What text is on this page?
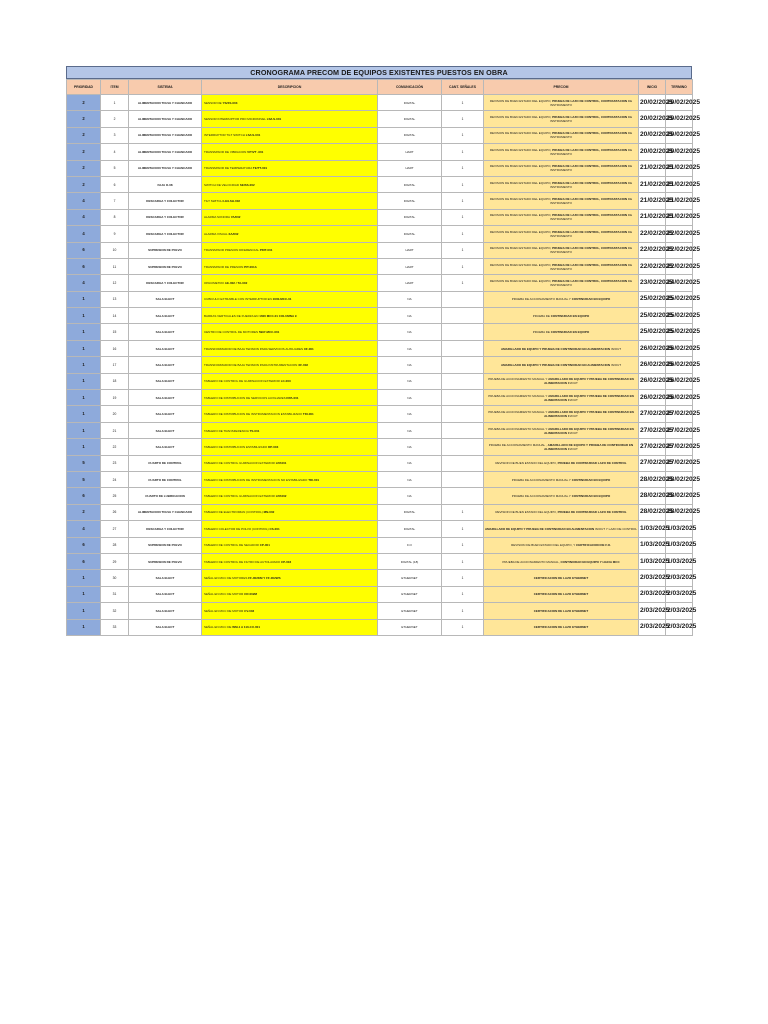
CRONOGRAMA PRECOM DE EQUIPOS EXISTENTES PUESTOS EN OBRA
PRIORIDAD	ITEM	SISTEMA	DESCRIPCION	COMUNICACIÓN	CANT. SEÑALES	PRECOM	INICIO	TERMINO
2	1	ALIMENTACION TOLVA Y CHANCADO	SENSOR DE YS/XS-003	DIGITAL	1	REVISION DE BUEN ESTADO DEL EQUIPO, PRUEBA DE LAZO DE CONTROL, CONTRASTACION DE INSTRUMENTO	20/02/2025	20/02/2025
2	2	ALIMENTACION TOLVA Y CHANCADO	SENSOR INTERRUPTOR PRO MICRONIVEL LS/LS-001	DIGITAL	1	REVISION DE BUEN ESTADO DEL EQUIPO, PRUEBA DE LAZO DE CONTROL, CONTRASTACION DE INSTRUMENTO	20/02/2025	20/02/2025
2	3	ALIMENTACION TOLVA Y CHANCADO	INTERRUPTOR TILT SWITCH LS/LS-001	DIGITAL	1	REVISION DE BUEN ESTADO DEL EQUIPO, PRUEBA DE LAZO DE CONTROL, CONTRASTACION DE INSTRUMENTO	20/02/2025	20/02/2025
2	4	ALIMENTACION TOLVA Y CHANCADO	TRANSMISOR DE VIBRACION VIT/VT -001	HART	1	REVISION DE BUEN ESTADO DEL EQUIPO, PRUEBA DE LAZO DE CONTROL, CONTRASTACION DE INSTRUMENTO	20/02/2025	20/02/2025
2	5	ALIMENTACION TOLVA Y CHANCADO	TRANSMISOR DE TEMPERATURA TE/TT-001	HART	1	REVISION DE BUEN ESTADO DEL EQUIPO, PRUEBA DE LAZO DE CONTROL, CONTRASTACION DE INSTRUMENTO	21/02/2025	21/02/2025
2	6	FAJA O-08	SWITCH DE VELOCIDAD SE/SS-002	DIGITAL	1	REVISION DE BUEN ESTADO DEL EQUIPO, PRUEBA DE LAZO DE CONTROL, CONTRASTACION DE INSTRUMENTO	21/02/2025	21/02/2025
4	7	DESCARGA Y COLECTOR	TILT SWITCH LE/LSH-002	DIGITAL	1	REVISION DE BUEN ESTADO DEL EQUIPO, PRUEBA DE LAZO DE CONTROL, CONTRASTACION DE INSTRUMENTO	21/02/2025	21/02/2025
4	8	DESCARGA Y COLECTOR	ALARMA SONORA YA/002	DIGITAL	1	REVISION DE BUEN ESTADO DEL EQUIPO, PRUEBA DE LAZO DE CONTROL, CONTRASTACION DE INSTRUMENTO	21/02/2025	21/02/2025
4	9	DESCARGA Y COLECTOR	ALARMA VISUAL XA/002	DIGITAL	1	REVISION DE BUEN ESTADO DEL EQUIPO, PRUEBA DE LAZO DE CONTROL, CONTRASTACION DE INSTRUMENTO	22/02/2025	22/02/2025
6	10	SUPRESION DE POLVO	TRANSMISOR PRESION DIFERENCIAL PDIT-001	HART	1	REVISION DE BUEN ESTADO DEL EQUIPO, PRUEBA DE LAZO DE CONTROL, CONTRASTACION DE INSTRUMENTO	22/02/2025	22/02/2025
6	11	SUPRESION DE POLVO	TRANSMISOR DE PRESION PIT-001A	HART	1	REVISION DE BUEN ESTADO DEL EQUIPO, PRUEBA DE LAZO DE CONTROL, CONTRASTACION DE INSTRUMENTO	22/02/2025	22/02/2025
4	12	DESCARGA Y COLECTOR	OPACIMETRO AE-002 / TA-002	HART	1	REVISION DE BUEN ESTADO DEL EQUIPO, PRUEBA DE LAZO DE CONTROL, CONTRASTACION DE INSTRUMENTO	23/02/2025	24/02/2025
1	13	SALA ELECT	CUBICULO EXTRAIBLE CON INTERRUPTOR EN 1600-MCC-01	NA		PRUEBA DE ACCIONAMIENTO MANUAL Y CONTINUIDAD EN EQUIPO	25/02/2025	25/02/2025
1	14	SALA ELECT	BARRAS VERTICALES DE FUERZA EN 1600 MCC-01 COLUMNA 9	NA		PRUEBA DE CONTINUIDAD EN EQUIPO	25/02/2025	25/02/2025
1	15	SALA ELECT	CENTRO DE CONTROL DE MOTORES 5997-MCC-001	NA		PRUEBA DE CONTINUIDAD EN EQUIPO	25/02/2025	25/02/2025
1	16	SALA ELECT	TRANSFORMADOR DE BAJA TENSION PARA SERVICIOS AUXILIARES XF-001	NA		AMARILLADO DE EQUIPO Y PRUEBA DE CONTINUIDAD EN ALIMENTACION IN/OUT	26/02/2025	26/02/2025
1	17	SALA ELECT	TRANSFORMADOR DE BAJA TENSION PARA INSTRUMENTACION XF-002	NA		AMARILLADO DE EQUIPO Y PRUEBA DE CONTINUIDAD EN ALIMENTACION IN/OUT	26/02/2025	26/02/2025
1	18	SALA ELECT	TABLERO DE CONTROL DE ILUMINACION EXTERIOR LC-003	NA		PRUEBA DE ACCIONAMIENTO MANUAL Y AMARILLADO DE EQUIPO Y PRUEBA DE CONTINUIDAD EN ALIMENTACION IN/OUT	26/02/2025	26/02/2025
1	19	SALA ELECT	TABLERO DE DISTRIBUCION DE SERVICIOS AUXILIARES DPA-001	NA		PRUEBA DE ACCIONAMIENTO MANUAL Y AMARILLADO DE EQUIPO Y PRUEBA DE CONTINUIDAD EN ALIMENTACION IN/OUT	26/02/2025	26/02/2025
1	20	SALA ELECT	TABLERO DE DISTRIBUCION DE INSTRUMENTACION ESTABILIZADO TDI-001	NA		PRUEBA DE ACCIONAMIENTO MANUAL Y AMARILLADO DE EQUIPO Y PRUEBA DE CONTINUIDAD EN ALIMENTACION IN/OUT	27/02/2025	27/02/2025
1	21	SALA ELECT	TABLERO DE TRANSFERENCIA TS-001	NA		PRUEBA DE ACCIONAMIENTO MANUAL Y AMARILLADO DE EQUIPO Y PRUEBA DE CONTINUIDAD EN ALIMENTACION IN/OUT	27/02/2025	27/02/2025
1	22	SALA ELECT	TABLERO DE DISTRIBUCION ESTABILIZADO DP-003	NA		PRUEBA DE ACCIONAMIENTO MANUAL , AMARILLADO DE EQUIPO Y PRUEBA DE CONTINUIDAD EN ALIMENTACION IN/OUT	27/02/2025	27/02/2025
5	23	CUARTO DE CONTROL	TABLERO DE CONTROL ILUMINACION EXTERIOR LPA001	NA		REVISION DE BUEN ESTADO DEL EQUIPO, PRUEBA DE CONTINUIDAD LAZO DE CONTROL	27/02/2025	27/02/2025
5	24	CUARTO DE CONTROL	TABLERO DE DISTRIBUCION DE INSTRUMENTACION NO ESTABILIZADO TDI-001	NA		PRUEBA DE ACCIONAMIENTO MANUAL Y CONTINUIDAD EN EQUIPO	28/02/2025	28/02/2025
6	25	CUARTO DE LUBRICACION	TABLERO DE CONTROL ILUMINACION EXTERIOR LPA002	NA		PRUEBA DE ACCIONAMIENTO MANUAL Y CONTINUIDAD EN EQUIPO	28/02/2025	28/02/2025
2	26	ALIMENTACION TOLVA Y CHANCADO	TABLERO DE ELECTROIMAN (CONTROL) MN-002	DIGITAL	1	REVISION DE BUEN ESTADO DEL EQUIPO, PRUEBA DE CONTINUIDAD LAZO DE CONTROL	28/02/2025	28/02/2025
4	27	DESCARGA Y COLECTOR	TABLERO COLECTOR DE POLVO (CONTROL) CS-001	DIGITAL	1	AMARILLADO DE EQUIPO Y PRUEBA DE CONTINUIDAD EN ALIMENTACION IN/OUT Y LAZO DE CONTROL	1/03/2025	1/03/2025
6	28	SUPRESION DE POLVO	TABLERO DE CONTROL DE SECADOR CP-001	F.O	1	REVISION DE BUEN ESTADO DEL EQUIPO, Y CERTIFICACION DE F.O.	1/03/2025	1/03/2025
6	29	SUPRESION DE POLVO	TABLERO DE CONTROL DE FILTRO DE AUTOLAVADO CP-003	DIGITAL (18)	1	PRUEBA DE ACCIONAMIENTO MANUAL, CONTINUIDAD EN EQUIPO Y HACIA MCC	1/03/2025	1/03/2025
1	30	SALA ELECT	SEÑAL EN MCC DE MOTORES FF-002KM Y FF-002WS	ETHERNET	1	CERTIFICACION DE LAZO ETHERNET	2/03/2025	2/03/2025
1	31	SALA ELECT	SEÑAL EN MCC DE MOTOR CR-002M	ETHERNET	1	CERTIFICACION DE LAZO ETHERNET	2/03/2025	2/03/2025
1	32	SALA ELECT	SEÑAL EN MCC DE MOTOR CV-003	ETHERNET	1	CERTIFICACION DE LAZO ETHERNET	2/03/2025	2/03/2025
1	33	SALA ELECT	SEÑAL EN MCC DE WM-1 A 110-CU-001	ETHERNET	1	CERTIFICACION DE LAZO ETHERNET	2/03/2025	2/03/2025
